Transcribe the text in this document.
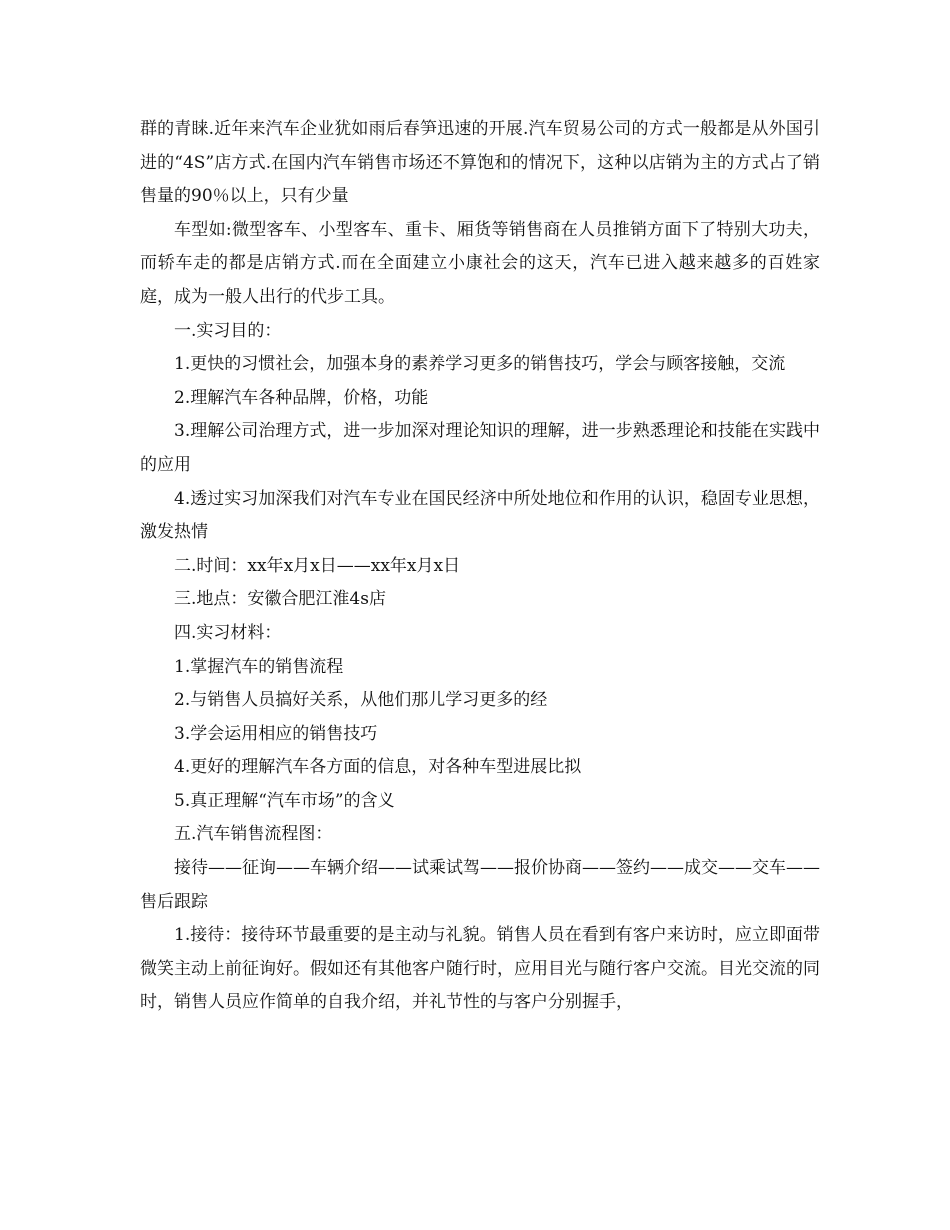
群的青睐.近年来汽车企业犹如雨后春笋迅速的开展.汽车贸易公司的方式一般都是从外国引进的“4S”店方式.在国内汽车销售市场还不算饱和的情况下，这种以店销为主的方式占了销售量的90％以上，只有少量

车型如:微型客车、小型客车、重卡、厢货等销售商在人员推销方面下了特别大功夫，而轿车走的都是店销方式.而在全面建立小康社会的这天，汽车已进入越来越多的百姓家庭，成为一般人出行的代步工具。

一.实习目的：

1.更快的习惯社会，加强本身的素养学习更多的销售技巧，学会与顾客接触，交流

2.理解汽车各种品牌，价格，功能

3.理解公司治理方式，进一步加深对理论知识的理解，进一步熟悉理论和技能在实践中的应用

4.透过实习加深我们对汽车专业在国民经济中所处地位和作用的认识，稳固专业思想，激发热情

二.时间：xx年x月x日——xx年x月x日

三.地点：安徽合肥江淮4s店

四.实习材料：

1.掌握汽车的销售流程

2.与销售人员搞好关系，从他们那儿学习更多的经

3.学会运用相应的销售技巧

4.更好的理解汽车各方面的信息，对各种车型进展比拟

5.真正理解“汽车市场”的含义

五.汽车销售流程图：

接待——征询——车辆介绍——试乘试驾——报价协商——签约——成交——交车——售后跟踪

1.接待：接待环节最重要的是主动与礼貌。销售人员在看到有客户来访时，应立即面带微笑主动上前征询好。假如还有其他客户随行时，应用目光与随行客户交流。目光交流的同时，销售人员应作简单的自我介绍，并礼节性的与客户分别握手，
